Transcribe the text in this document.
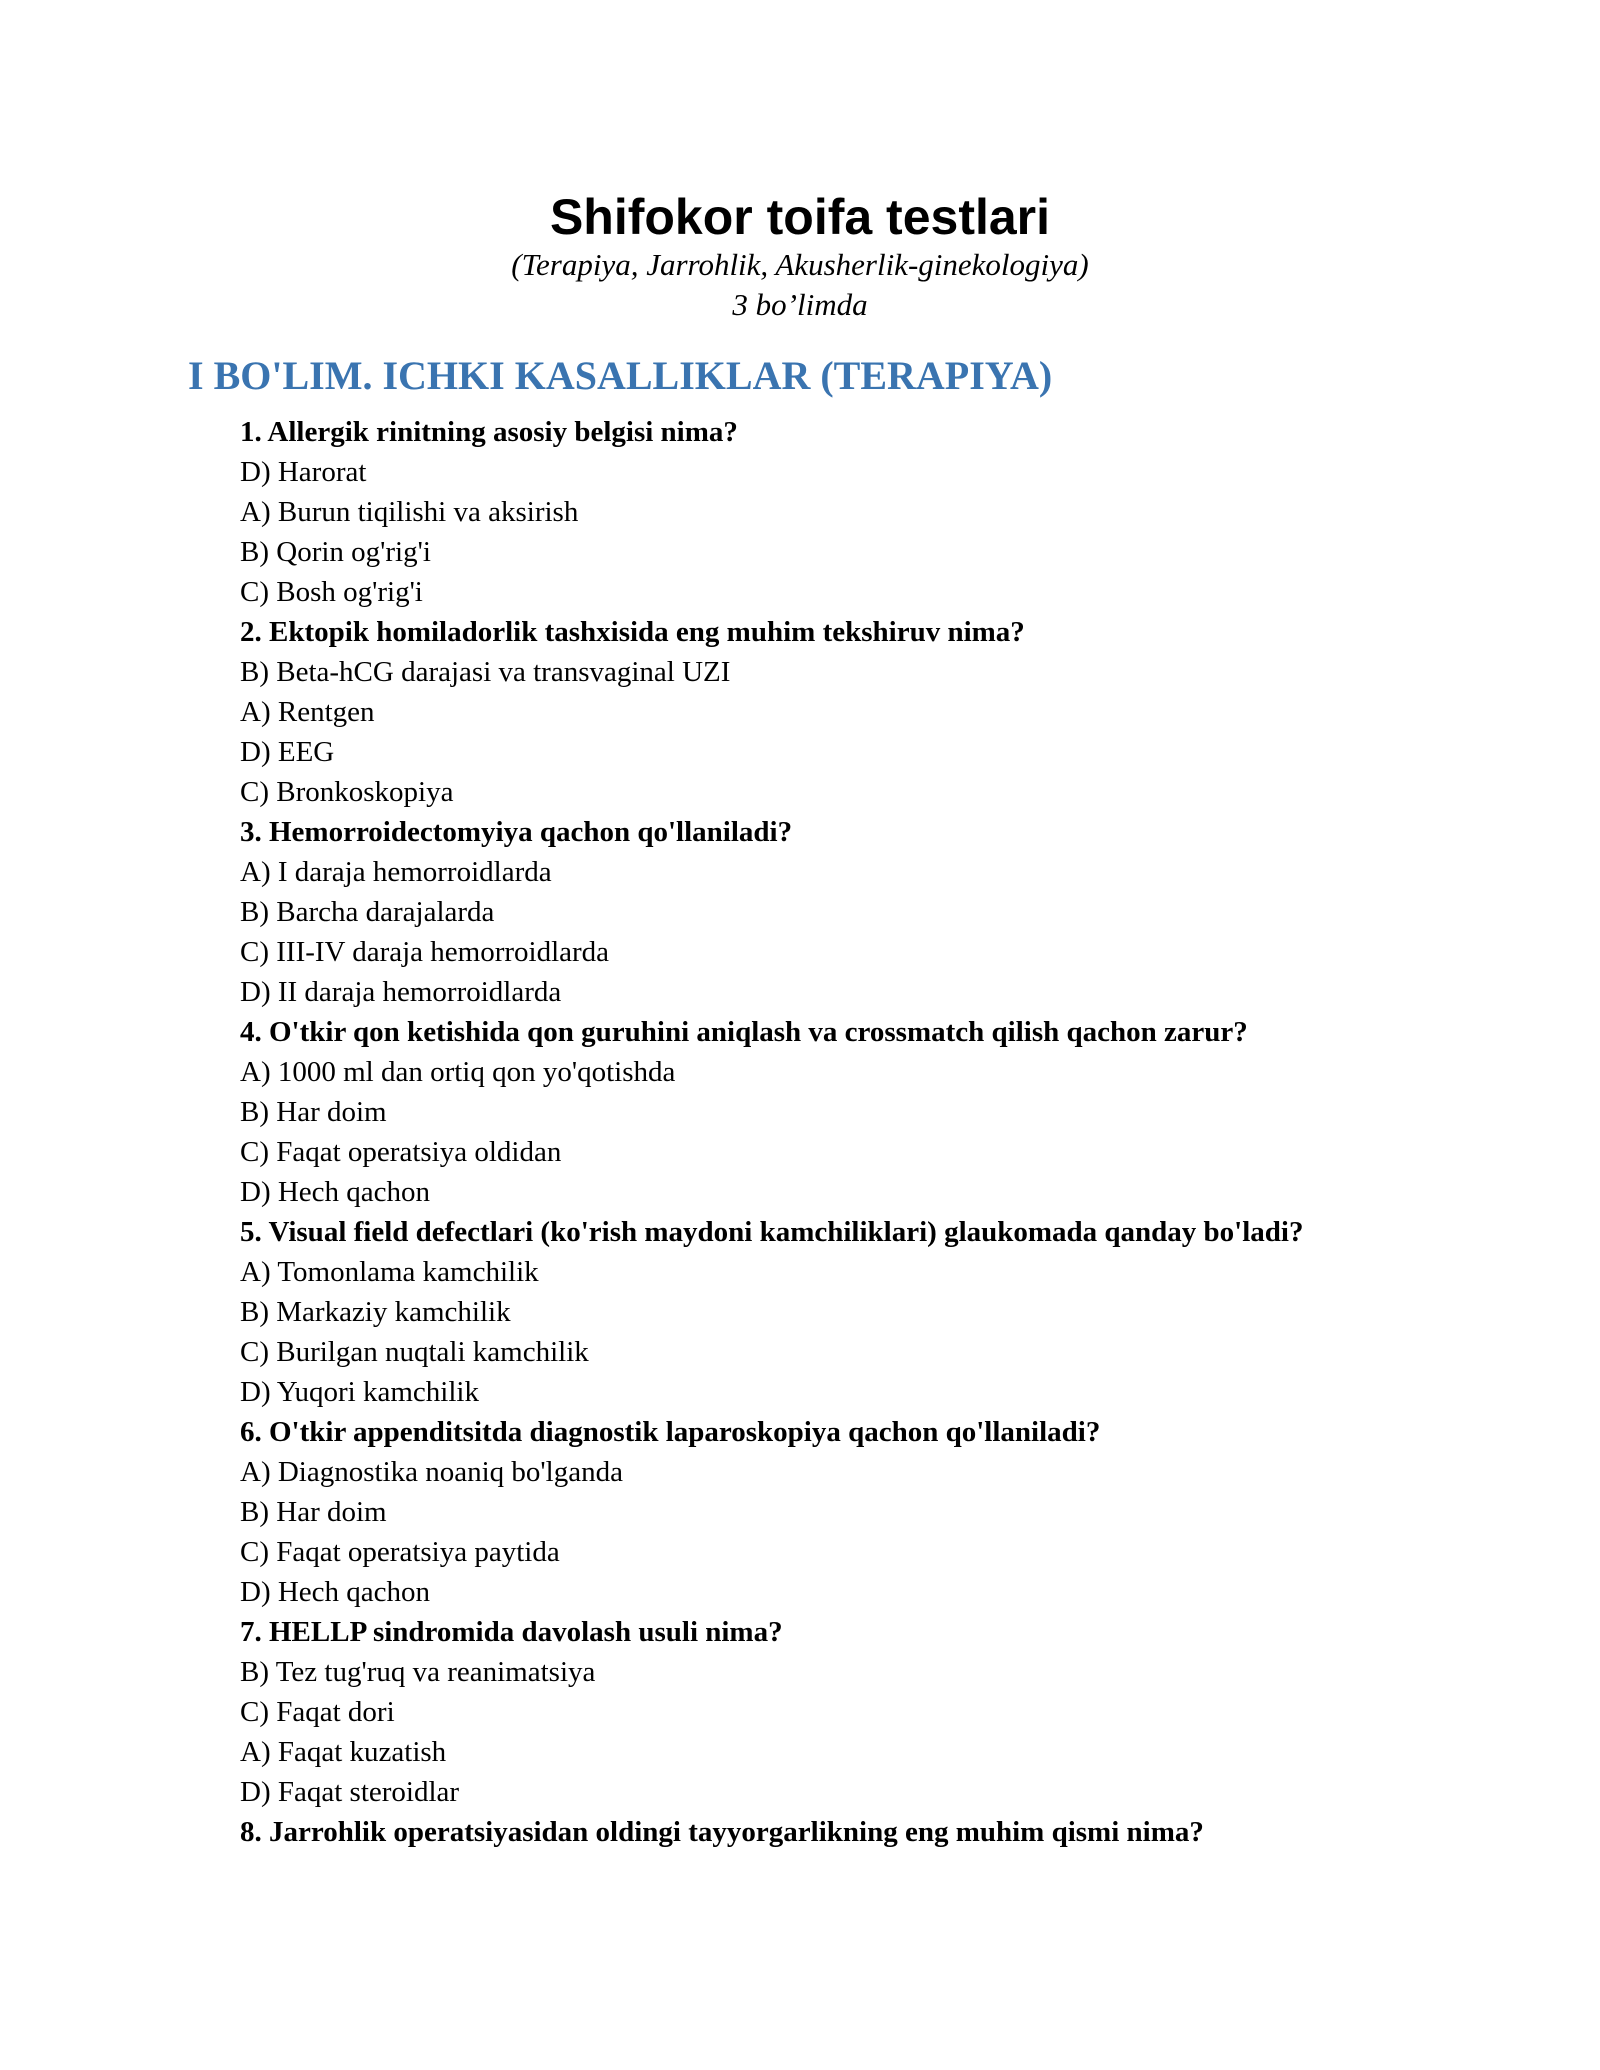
Shifokor toifa testlari

(Terapiya, Jarrohlik, Akusherlik-ginekologiya)

3 bo’limda

I BO'LIM. ICHKI KASALLIKLAR (TERAPIYA)
1. Allergik rinitning asosiy belgisi nima?
D) Harorat
A) Burun tiqilishi va aksirish
B) Qorin og'rig'i
C) Bosh og'rig'i
2. Ektopik homiladorlik tashxisida eng muhim tekshiruv nima?
B) Beta-hCG darajasi va transvaginal UZI
A) Rentgen
D) EEG
C) Bronkoskopiya
3. Hemorroidectomyiya qachon qo'llaniladi?
A) I daraja hemorroidlarda
B) Barcha darajalarda
C) III-IV daraja hemorroidlarda
D) II daraja hemorroidlarda
4. O'tkir qon ketishida qon guruhini aniqlash va crossmatch qilish qachon zarur?
A) 1000 ml dan ortiq qon yo'qotishda
B) Har doim
C) Faqat operatsiya oldidan
D) Hech qachon
5. Visual field defectlari (ko'rish maydoni kamchiliklari) glaukomada qanday bo'ladi?
A) Tomonlama kamchilik
B) Markaziy kamchilik
C) Burilgan nuqtali kamchilik
D) Yuqori kamchilik
6. O'tkir appenditsitda diagnostik laparoskopiya qachon qo'llaniladi?
A) Diagnostika noaniq bo'lganda
B) Har doim
C) Faqat operatsiya paytida
D) Hech qachon
7. HELLP sindromida davolash usuli nima?
B) Tez tug'ruq va reanimatsiya
C) Faqat dori
A) Faqat kuzatish
D) Faqat steroidlar
8. Jarrohlik operatsiyasidan oldingi tayyorgarlikning eng muhim qismi nima?
